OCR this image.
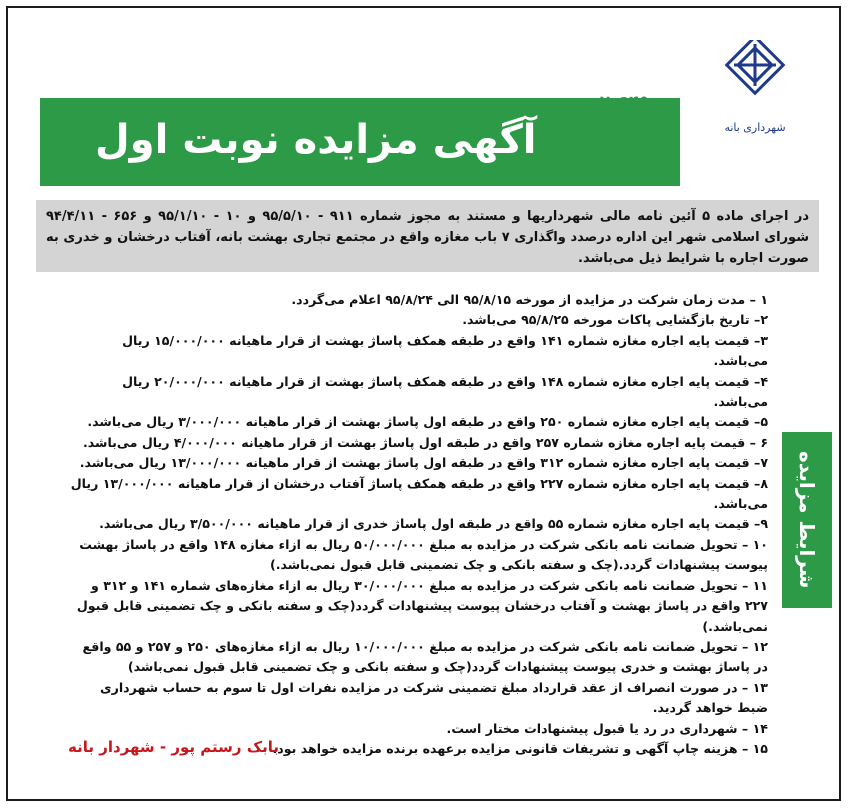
آگهی مزایده نوبت اول
۲۰۹۴۵
۹۵/۸/۱۱	شهرداری بانه
در اجرای ماده ۵ آئین نامه مالی شهرداریها و مستند به مجوز شماره ۹۱۱ - ۹۵/۵/۱۰ و ۱۰ - ۹۵/۱/۱۰ و ۶۵۶ - ۹۴/۴/۱۱ شورای اسلامی شهر این اداره درصدد واگذاری ۷ باب مغازه واقع در مجتمع تجاری بهشت بانه، آفتاب درخشان و خدری به صورت اجاره با شرایط ذیل می‌باشد.
شرایط مزایده
۱ – مدت زمان شرکت در مزایده از مورخه ۹۵/۸/۱۵ الی ۹۵/۸/۲۴ اعلام می‌گردد.
۲– تاریخ بازگشایی پاکات مورخه ۹۵/۸/۲۵ می‌باشد.
۳– قیمت پایه اجاره مغازه شماره ۱۴۱ واقع در طبقه همکف پاساژ بهشت از قرار ماهیانه ۱۵/۰۰۰/۰۰۰ ریال می‌باشد.
۴– قیمت پایه اجاره مغازه شماره ۱۴۸ واقع در طبقه همکف پاساژ بهشت از قرار ماهیانه ۲۰/۰۰۰/۰۰۰ ریال می‌باشد.
۵– قیمت پایه اجاره مغازه شماره ۲۵۰ واقع در طبقه اول پاساژ بهشت از قرار ماهیانه ۳/۰۰۰/۰۰۰ ریال می‌باشد.
۶ – قیمت پایه اجاره مغازه شماره ۲۵۷ واقع در طبقه اول پاساژ بهشت از قرار ماهیانه ۴/۰۰۰/۰۰۰ ریال می‌باشد.
۷– قیمت پایه اجاره مغازه شماره ۳۱۲ واقع در طبقه اول پاساژ بهشت از قرار ماهیانه ۱۳/۰۰۰/۰۰۰ ریال می‌باشد.
۸– قیمت پایه اجاره مغازه شماره ۲۲۷ واقع در طبقه همکف پاساژ آفتاب درخشان از قرار ماهیانه ۱۳/۰۰۰/۰۰۰ ریال می‌باشد.
۹– قیمت پایه اجاره مغازه شماره ۵۵ واقع در طبقه اول پاساژ خدری از قرار ماهیانه ۳/۵۰۰/۰۰۰ ریال می‌باشد.
۱۰ – تحویل ضمانت نامه بانکی شرکت در مزایده به مبلغ ۵۰/۰۰۰/۰۰۰ ریال به ازاء مغازه ۱۴۸ واقع در پاساژ بهشت پیوست پیشنهادات گردد.(چک و سفته بانکی و چک تضمینی قابل قبول نمی‌باشد.)
۱۱ – تحویل ضمانت نامه بانکی شرکت در مزایده به مبلغ ۳۰/۰۰۰/۰۰۰ ریال به ازاء مغازه‌های شماره ۱۴۱ و ۳۱۲ و ۲۲۷ واقع در پاساژ بهشت و آفتاب درخشان پیوست پیشنهادات گردد(چک و سفته بانکی و چک تضمینی قابل قبول نمی‌باشد.)
۱۲ – تحویل ضمانت نامه بانکی شرکت در مزایده به مبلغ ۱۰/۰۰۰/۰۰۰ ریال به ازاء مغازه‌های ۲۵۰ و ۲۵۷ و ۵۵ واقع در پاساژ بهشت و خدری پیوست پیشنهادات گردد(چک و سفته بانکی و چک تضمینی قابل قبول نمی‌باشد)
۱۳ – در صورت انصراف از عقد قرارداد مبلغ تضمینی شرکت در مزایده نفرات اول تا سوم به حساب شهرداری ضبط خواهد گردید.
۱۴ – شهرداری در رد یا قبول پیشنهادات مختار است.
۱۵ – هزینه چاپ آگهی و تشریفات قانونی مزایده برعهده برنده مزایده خواهد بود.
بابک رستم پور - شهردار بانه
